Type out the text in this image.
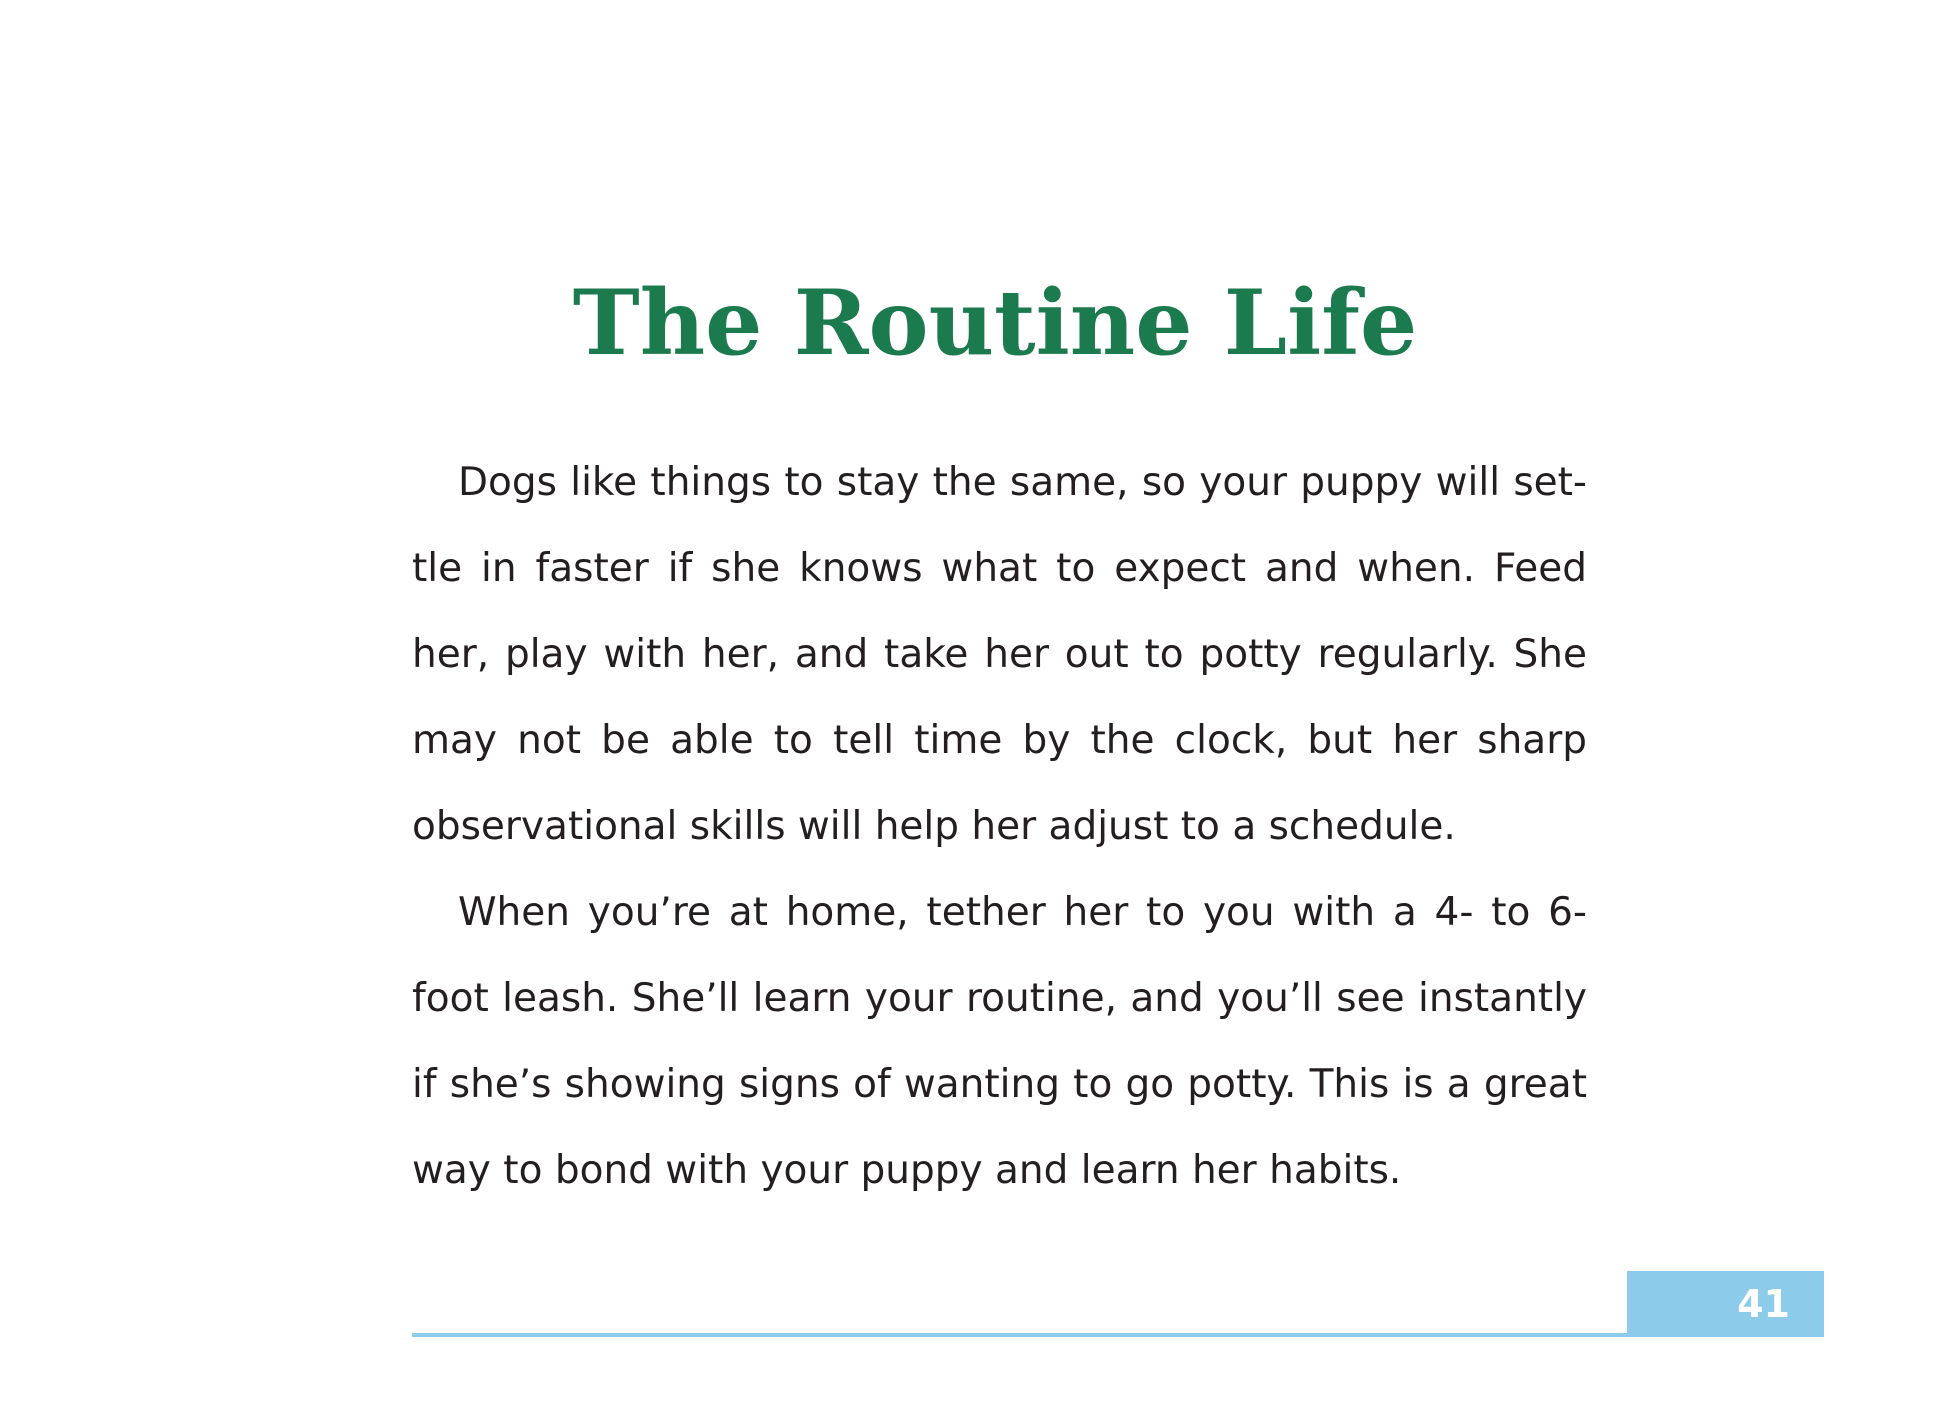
The Routine Life
Dogs like things to stay the same, so your puppy will set-
tle in faster if she knows what to expect and when. Feed
her, play with her, and take her out to potty regularly. She
may not be able to tell time by the clock, but her sharp
observational skills will help her adjust to a schedule.
When you’re at home, tether her to you with a 4- to 6-
foot leash. She’ll learn your routine, and you’ll see instantly
if she’s showing signs of wanting to go potty. This is a great
way to bond with your puppy and learn her habits.
41
